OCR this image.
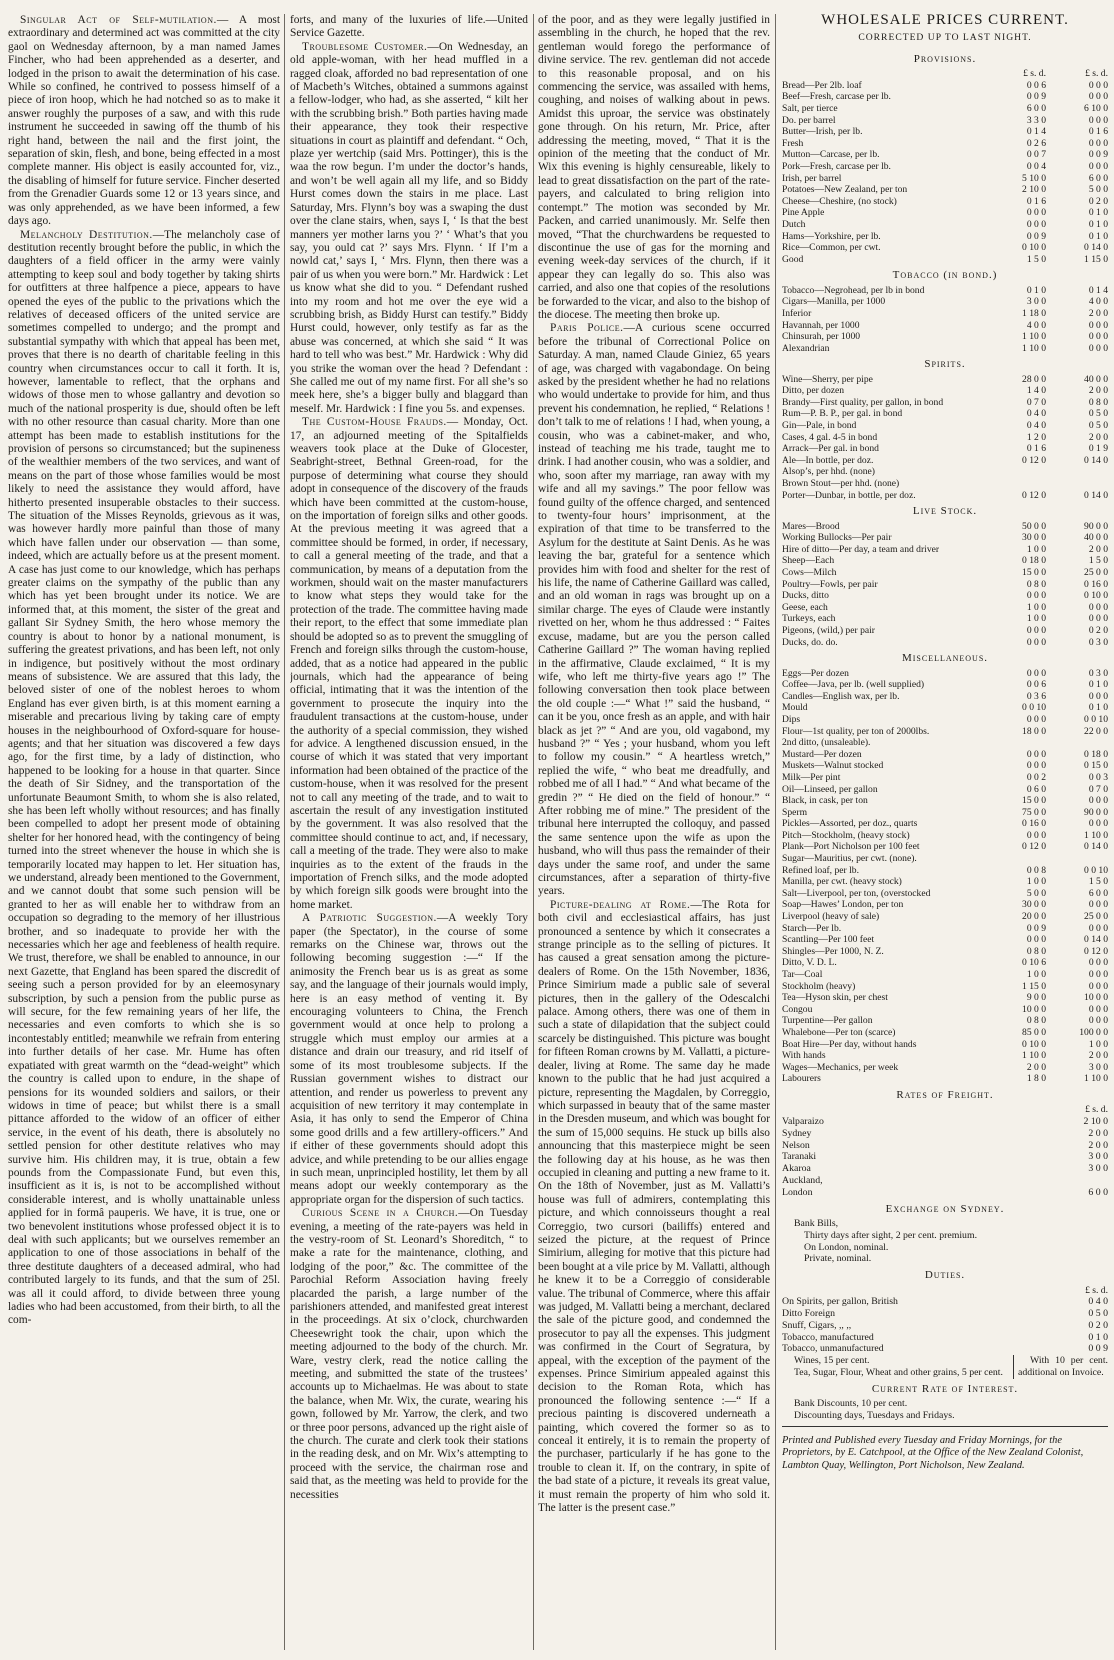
Singular Act of Self-mutilation.— A most extraordinary and determined act was committed at the city gaol on Wednesday afternoon, by a man named James Fincher, who had been apprehended as a deserter, and lodged in the prison to await the determination of his case. While so confined, he contrived to possess himself of a piece of iron hoop, which he had notched so as to make it answer roughly the purposes of a saw, and with this rude instrument he succeeded in sawing off the thumb of his right hand, between the nail and the first joint, the separation of skin, flesh, and bone, being effected in a most complete manner. His object is easily accounted for, viz., the disabling of himself for future service. Fincher deserted from the Grenadier Guards some 12 or 13 years since, and was only apprehended, as we have been informed, a few days ago.

Melancholy Destitution.—The melancholy case of destitution recently brought before the public, in which the daughters of a field officer in the army were vainly attempting to keep soul and body together by taking shirts for outfitters at three halfpence a piece, appears to have opened the eyes of the public to the privations which the relatives of deceased officers of the united service are sometimes compelled to undergo; and the prompt and substantial sympathy with which that appeal has been met, proves that there is no dearth of charitable feeling in this country when circumstances occur to call it forth. It is, however, lamentable to reflect, that the orphans and widows of those men to whose gallantry and devotion so much of the national prosperity is due, should often be left with no other resource than casual charity. More than one attempt has been made to establish institutions for the provision of persons so circumstanced; but the supineness of the wealthier members of the two services, and want of means on the part of those whose families would be most likely to need the assistance they would afford, have hitherto presented insuperable obstacles to their success. The situation of the Misses Reynolds, grievous as it was, was however hardly more painful than those of many which have fallen under our observation — than some, indeed, which are actually before us at the present moment. A case has just come to our knowledge, which has perhaps greater claims on the sympathy of the public than any which has yet been brought under its notice. We are informed that, at this moment, the sister of the great and gallant Sir Sydney Smith, the hero whose memory the country is about to honor by a national monument, is suffering the greatest privations, and has been left, not only in indigence, but positively without the most ordinary means of subsistence. We are assured that this lady, the beloved sister of one of the noblest heroes to whom England has ever given birth, is at this moment earning a miserable and precarious living by taking care of empty houses in the neighbourhood of Oxford-square for house-agents; and that her situation was discovered a few days ago, for the first time, by a lady of distinction, who happened to be looking for a house in that quarter. Since the death of Sir Sidney, and the transportation of the unfortunate Beaumont Smith, to whom she is also related, she has been left wholly without resources; and has finally been compelled to adopt her present mode of obtaining shelter for her honored head, with the contingency of being turned into the street whenever the house in which she is temporarily located may happen to let. Her situation has, we understand, already been mentioned to the Government, and we cannot doubt that some such pension will be granted to her as will enable her to withdraw from an occupation so degrading to the memory of her illustrious brother, and so inadequate to provide her with the necessaries which her age and feebleness of health require. We trust, therefore, we shall be enabled to announce, in our next Gazette, that England has been spared the discredit of seeing such a person provided for by an eleemosynary subscription, by such a pension from the public purse as will secure, for the few remaining years of her life, the necessaries and even comforts to which she is so incontestably entitled; meanwhile we refrain from entering into further details of her case. Mr. Hume has often expatiated with great warmth on the “dead-weight” which the country is called upon to endure, in the shape of pensions for its wounded soldiers and sailors, or their widows in time of peace; but whilst there is a small pittance afforded to the widow of an officer of either service, in the event of his death, there is absolutely no settled pension for other destitute relatives who may survive him. His children may, it is true, obtain a few pounds from the Compassionate Fund, but even this, insufficient as it is, is not to be accomplished without considerable interest, and is wholly unattainable unless applied for in formâ pauperis. We have, it is true, one or two benevolent institutions whose professed object it is to deal with such applicants; but we ourselves remember an application to one of those associations in behalf of the three destitute daughters of a deceased admiral, who had contributed largely to its funds, and that the sum of 25l. was all it could afford, to divide between three young ladies who had been accustomed, from their birth, to all the com-

forts, and many of the luxuries of life.—United Service Gazette.

Troublesome Customer.—On Wednesday, an old apple-woman, with her head muffled in a ragged cloak, afforded no bad representation of one of Macbeth’s Witches, obtained a summons against a fellow-lodger, who had, as she asserted, “ kilt her with the scrubbing brish.” Both parties having made their appearance, they took their respective situations in court as plaintiff and defendant. “ Och, plaze yer wertchip (said Mrs. Pottinger), this is the waa the row begun. I’m under the doctor’s hands, and won’t be well again all my life, and so Biddy Hurst comes down the stairs in me place. Last Saturday, Mrs. Flynn’s boy was a swaping the dust over the clane stairs, when, says I, ‘ Is that the best manners yer mother larns you ?’ ‘ What’s that you say, you ould cat ?’ says Mrs. Flynn. ‘ If I’m a nowld cat,’ says I, ‘ Mrs. Flynn, then there was a pair of us when you were born.” Mr. Hardwick : Let us know what she did to you. “ Defendant rushed into my room and hot me over the eye wid a scrubbing brish, as Biddy Hurst can testify.” Biddy Hurst could, however, only testify as far as the abuse was concerned, at which she said “ It was hard to tell who was best.” Mr. Hardwick : Why did you strike the woman over the head ? Defendant : She called me out of my name first. For all she’s so meek here, she’s a bigger bully and blaggard than meself. Mr. Hardwick : I fine you 5s. and expenses.

The Custom-House Frauds.— Monday, Oct. 17, an adjourned meeting of the Spitalfields weavers took place at the Duke of Glocester, Seabright-street, Bethnal Green-road, for the purpose of determining what course they should adopt in consequence of the discovery of the frauds which have been committed at the custom-house, on the importation of foreign silks and other goods. At the previous meeting it was agreed that a committee should be formed, in order, if necessary, to call a general meeting of the trade, and that a communication, by means of a deputation from the workmen, should wait on the master manufacturers to know what steps they would take for the protection of the trade. The committee having made their report, to the effect that some immediate plan should be adopted so as to prevent the smuggling of French and foreign silks through the custom-house, added, that as a notice had appeared in the public journals, which had the appearance of being official, intimating that it was the intention of the government to prosecute the inquiry into the fraudulent transactions at the custom-house, under the authority of a special commission, they wished for advice. A lengthened discussion ensued, in the course of which it was stated that very important information had been obtained of the practice of the custom-house, when it was resolved for the present not to call any meeting of the trade, and to wait to ascertain the result of any investigation instituted by the government. It was also resolved that the committee should continue to act, and, if necessary, call a meeting of the trade. They were also to make inquiries as to the extent of the frauds in the importation of French silks, and the mode adopted by which foreign silk goods were brought into the home market.

A Patriotic Suggestion.—A weekly Tory paper (the Spectator), in the course of some remarks on the Chinese war, throws out the following becoming suggestion :—“ If the animosity the French bear us is as great as some say, and the language of their journals would imply, here is an easy method of venting it. By encouraging volunteers to China, the French government would at once help to prolong a struggle which must employ our armies at a distance and drain our treasury, and rid itself of some of its most troublesome subjects. If the Russian government wishes to distract our attention, and render us powerless to prevent any acquisition of new territory it may contemplate in Asia, it has only to send the Emperor of China some good drills and a few artillery-officers.” And if either of these governments should adopt this advice, and while pretending to be our allies engage in such mean, unprincipled hostility, let them by all means adopt our weekly contemporary as the appropriate organ for the dispersion of such tactics.

Curious Scene in a Church.—On Tuesday evening, a meeting of the rate-payers was held in the vestry-room of St. Leonard’s Shoreditch, “ to make a rate for the maintenance, clothing, and lodging of the poor,” &c. The committee of the Parochial Reform Association having freely placarded the parish, a large number of the parishioners attended, and manifested great interest in the proceedings. At six o’clock, churchwarden Cheesewright took the chair, upon which the meeting adjourned to the body of the church. Mr. Ware, vestry clerk, read the notice calling the meeting, and submitted the state of the trustees’ accounts up to Michaelmas. He was about to state the balance, when Mr. Wix, the curate, wearing his gown, followed by Mr. Yarrow, the clerk, and two or three poor persons, advanced up the right aisle of the church. The curate and clerk took their stations in the reading desk, and on Mr. Wix’s attempting to proceed with the service, the chairman rose and said that, as the meeting was held to provide for the necessities

of the poor, and as they were legally justified in assembling in the church, he hoped that the rev. gentleman would forego the performance of divine service. The rev. gentleman did not accede to this reasonable proposal, and on his commencing the service, was assailed with hems, coughing, and noises of walking about in pews. Amidst this uproar, the service was obstinately gone through. On his return, Mr. Price, after addressing the meeting, moved, “ That it is the opinion of the meeting that the conduct of Mr. Wix this evening is highly censureable, likely to lead to great dissatisfaction on the part of the rate-payers, and calculated to bring religion into contempt.” The motion was seconded by Mr. Packen, and carried unanimously. Mr. Selfe then moved, “That the churchwardens be requested to discontinue the use of gas for the morning and evening week-day services of the church, if it appear they can legally do so. This also was carried, and also one that copies of the resolutions be forwarded to the vicar, and also to the bishop of the diocese. The meeting then broke up.

Paris Police.—A curious scene occurred before the tribunal of Correctional Police on Saturday. A man, named Claude Giniez, 65 years of age, was charged with vagabondage. On being asked by the president whether he had no relations who would undertake to provide for him, and thus prevent his condemnation, he replied, “ Relations ! don’t talk to me of relations ! I had, when young, a cousin, who was a cabinet-maker, and who, instead of teaching me his trade, taught me to drink. I had another cousin, who was a soldier, and who, soon after my marriage, ran away with my wife and all my savings.” The poor fellow was found guilty of the offence charged, and sentenced to twenty-four hours’ imprisonment, at the expiration of that time to be transferred to the Asylum for the destitute at Saint Denis. As he was leaving the bar, grateful for a sentence which provides him with food and shelter for the rest of his life, the name of Catherine Gaillard was called, and an old woman in rags was brought up on a similar charge. The eyes of Claude were instantly rivetted on her, whom he thus addressed : “ Faites excuse, madame, but are you the person called Catherine Gaillard ?” The woman having replied in the affirmative, Claude exclaimed, “ It is my wife, who left me thirty-five years ago !” The following conversation then took place between the old couple :—“ What !” said the husband, “ can it be you, once fresh as an apple, and with hair black as jet ?” “ And are you, old vagabond, my husband ?” “ Yes ; your husband, whom you left to follow my cousin.” “ A heartless wretch,” replied the wife, “ who beat me dreadfully, and robbed me of all I had.” “ And what became of the gredin ?” “ He died on the field of honour.” “ After robbing me of mine.” The president of the tribunal here interrupted the colloquy, and passed the same sentence upon the wife as upon the husband, who will thus pass the remainder of their days under the same roof, and under the same circumstances, after a separation of thirty-five years.

Picture-dealing at Rome.—The Rota for both civil and ecclesiastical affairs, has just pronounced a sentence by which it consecrates a strange principle as to the selling of pictures. It has caused a great sensation among the picture-dealers of Rome. On the 15th November, 1836, Prince Simirium made a public sale of several pictures, then in the gallery of the Odescalchi palace. Among others, there was one of them in such a state of dilapidation that the subject could scarcely be distinguished. This picture was bought for fifteen Roman crowns by M. Vallatti, a picture-dealer, living at Rome. The same day he made known to the public that he had just acquired a picture, representing the Magdalen, by Correggio, which surpassed in beauty that of the same master in the Dresden museum, and which was bought for the sum of 15,000 sequins. He stuck up bills also announcing that this masterpiece might be seen the following day at his house, as he was then occupied in cleaning and putting a new frame to it. On the 18th of November, just as M. Vallatti’s house was full of admirers, contemplating this picture, and which connoisseurs thought a real Correggio, two cursori (bailiffs) entered and seized the picture, at the request of Prince Simirium, alleging for motive that this picture had been bought at a vile price by M. Vallatti, although he knew it to be a Correggio of considerable value. The tribunal of Commerce, where this affair was judged, M. Vallatti being a merchant, declared the sale of the picture good, and condemned the prosecutor to pay all the expenses. This judgment was confirmed in the Court of Segratura, by appeal, with the exception of the payment of the expenses. Prince Simirium appealed against this decision to the Roman Rota, which has pronounced the following sentence :—“ If a precious painting is discovered underneath a painting, which covered the former so as to conceal it entirely, it is to remain the property of the purchaser, particularly if he has gone to the trouble to clean it. If, on the contrary, in spite of the bad state of a picture, it reveals its great value, it must remain the property of him who sold it. The latter is the present case.”

WHOLESALE PRICES CURRENT.
CORRECTED UP TO LAST NIGHT.
Provisions.
£ s. d.	£ s. d.
Bread—Per 2lb. loaf	0 0 6	0 0 0
Beef—Fresh, carcase per lb.	0 0 9	0 0 0
Salt, per tierce	6 0 0	6 10 0
Do. per barrel	3 3 0	0 0 0
Butter—Irish, per lb.	0 1 4	0 1 6
Fresh	0 2 6	0 0 0
Mutton—Carcase, per lb.	0 0 7	0 0 9
Pork—Fresh, carcase per lb.	0 0 4	0 0 0
Irish, per barrel	5 10 0	6 0 0
Potatoes—New Zealand, per ton	2 10 0	5 0 0
Cheese—Cheshire, (no stock)	0 1 6	0 2 0
Pine Apple	0 0 0	0 1 0
Dutch	0 0 0	0 1 0
Hams—Yorkshire, per lb.	0 0 9	0 1 0
Rice—Common, per cwt.	0 10 0	0 14 0
Good	1 5 0	1 15 0
Tobacco (in bond.)
Tobacco—Negrohead, per lb in bond	0 1 0	0 1 4
Cigars—Manilla, per 1000	3 0 0	4 0 0
Inferior	1 18 0	2 0 0
Havannah, per 1000	4 0 0	0 0 0
Chinsurah, per 1000	1 10 0	0 0 0
Alexandrian	1 10 0	0 0 0
Spirits.
Wine—Sherry, per pipe	28 0 0	40 0 0
Ditto, per dozen	1 4 0	2 0 0
Brandy—First quality, per gallon, in bond	0 7 0	0 8 0
Rum—P. B. P., per gal. in bond	0 4 0	0 5 0
Gin—Pale, in bond	0 4 0	0 5 0
Cases, 4 gal. 4-5 in bond	1 2 0	2 0 0
Arrack—Per gal. in bond	0 1 6	0 1 9
Ale—In bottle, per doz.	0 12 0	0 14 0
Alsop’s, per hhd. (none)
Brown Stout—per hhd. (none)
Porter—Dunbar, in bottle, per doz.	0 12 0	0 14 0
Live Stock.
Mares—Brood	50 0 0	90 0 0
Working Bullocks—Per pair	30 0 0	40 0 0
Hire of ditto—Per day, a team and driver	1 0 0	2 0 0
Sheep—Each	0 18 0	1 5 0
Cows—Milch	15 0 0	25 0 0
Poultry—Fowls, per pair	0 8 0	0 16 0
Ducks, ditto	0 0 0	0 10 0
Geese, each	1 0 0	0 0 0
Turkeys, each	1 0 0	0 0 0
Pigeons, (wild,) per pair	0 0 0	0 2 0
Ducks, do. do.	0 0 0	0 3 0
Miscellaneous.
Eggs—Per dozen	0 0 0	0 3 0
Coffee—Java, per lb. (well supplied)	0 0 6	0 1 0
Candles—English wax, per lb.	0 3 6	0 0 0
Mould	0 0 10	0 1 0
Dips	0 0 0	0 0 10
Flour—1st quality, per ton of 2000lbs.	18 0 0	22 0 0
2nd ditto, (unsaleable).
Mustard—Per dozen	0 0 0	0 18 0
Muskets—Walnut stocked	0 0 0	0 15 0
Milk—Per pint	0 0 2	0 0 3
Oil—Linseed, per gallon	0 6 0	0 7 0
Black, in cask, per ton	15 0 0	0 0 0
Sperm	75 0 0	90 0 0
Pickles—Assorted, per doz., quarts	0 16 0	0 0 0
Pitch—Stockholm, (heavy stock)	0 0 0	1 10 0
Plank—Port Nicholson per 100 feet	0 12 0	0 14 0
Sugar—Mauritius, per cwt. (none).
Refined loaf, per lb.	0 0 8	0 0 10
Manilla, per cwt. (heavy stock)	1 0 0	1 5 0
Salt—Liverpool, per ton, (overstocked	5 0 0	6 0 0
Soap—Hawes’ London, per ton	30 0 0	0 0 0
Liverpool (heavy of sale)	20 0 0	25 0 0
Starch—Per lb.	0 0 9	0 0 0
Scantling—Per 100 feet	0 0 0	0 14 0
Shingles—Per 1000, N. Z.	0 8 0	0 12 0
Ditto, V. D. L.	0 10 6	0 0 0
Tar—Coal	1 0 0	0 0 0
Stockholm (heavy)	1 15 0	0 0 0
Tea—Hyson skin, per chest	9 0 0	10 0 0
Congou	10 0 0	0 0 0
Turpentine—Per gallon	0 8 0	0 0 0
Whalebone—Per ton (scarce)	85 0 0	100 0 0
Boat Hire—Per day, without hands	0 10 0	1 0 0
With hands	1 10 0	2 0 0
Wages—Mechanics, per week	2 0 0	3 0 0
Labourers	1 8 0	1 10 0
Rates of Freight.
£ s. d.
Valparaizo	2 10 0
Sydney	2 0 0
Nelson	2 0 0
Taranaki	3 0 0
Akaroa	3 0 0
Auckland,
London	6 0 0
Exchange on Sydney.

Bank Bills,

Thirty days after sight, 2 per cent. premium.

On London, nominal.

Private, nominal.

Duties.
£ s. d.
On Spirits, per gallon, British	0 4 0
Ditto Foreign	0 5 0
Snuff, Cigars, ,, ,,	0 2 0
Tobacco, manufactured	0 1 0
Tobacco, unmanufactured	0 0 9

Wines, 15 per cent.

Tea, Sugar, Flour, Wheat and other grains, 5 per cent.

With 10 per cent. additional on Invoice.

Current Rate of Interest.

Bank Discounts, 10 per cent.

Discounting days, Tuesdays and Fridays.

Printed and Published every Tuesday and Friday Mornings, for the Proprietors, by E. Catchpool, at the Office of the New Zealand Colonist, Lambton Quay, Wellington, Port Nicholson, New Zealand.
